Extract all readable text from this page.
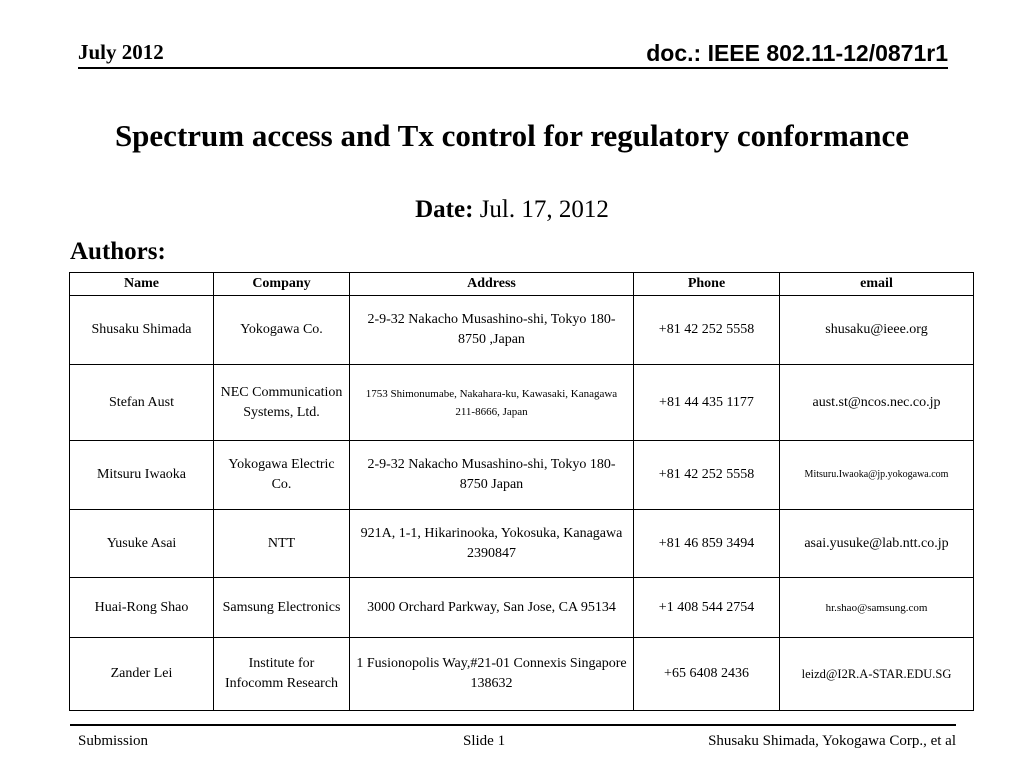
July 2012	doc.: IEEE 802.11-12/0871r1
Spectrum access and Tx control for regulatory conformance
Date: Jul. 17, 2012
Authors:
Name	Company	Address	Phone	email
Shusaku Shimada	Yokogawa Co.	2-9-32 Nakacho Musashino-shi, Tokyo 180-8750 ,Japan	+81 42 252 5558	shusaku@ieee.org
Stefan Aust	NEC Communication Systems, Ltd.	1753 Shimonumabe, Nakahara-ku, Kawasaki, Kanagawa 211-8666, Japan	+81 44 435 1177	aust.st@ncos.nec.co.jp
Mitsuru Iwaoka	Yokogawa Electric Co.	2-9-32 Nakacho Musashino-shi, Tokyo 180-8750 Japan	+81 42 252 5558	Mitsuru.Iwaoka@jp.yokogawa.com
Yusuke Asai	NTT	921A, 1-1, Hikarinooka, Yokosuka, Kanagawa 2390847	+81 46 859 3494	asai.yusuke@lab.ntt.co.jp
Huai-Rong Shao	Samsung Electronics	3000 Orchard Parkway, San Jose, CA 95134	+1 408 544 2754	hr.shao@samsung.com
Zander Lei	Institute for Infocomm Research	1 Fusionopolis Way,#21-01 Connexis Singapore 138632	+65 6408 2436	leizd@I2R.A-STAR.EDU.SG
Submission	Slide 1	Shusaku Shimada, Yokogawa Corp., et al
